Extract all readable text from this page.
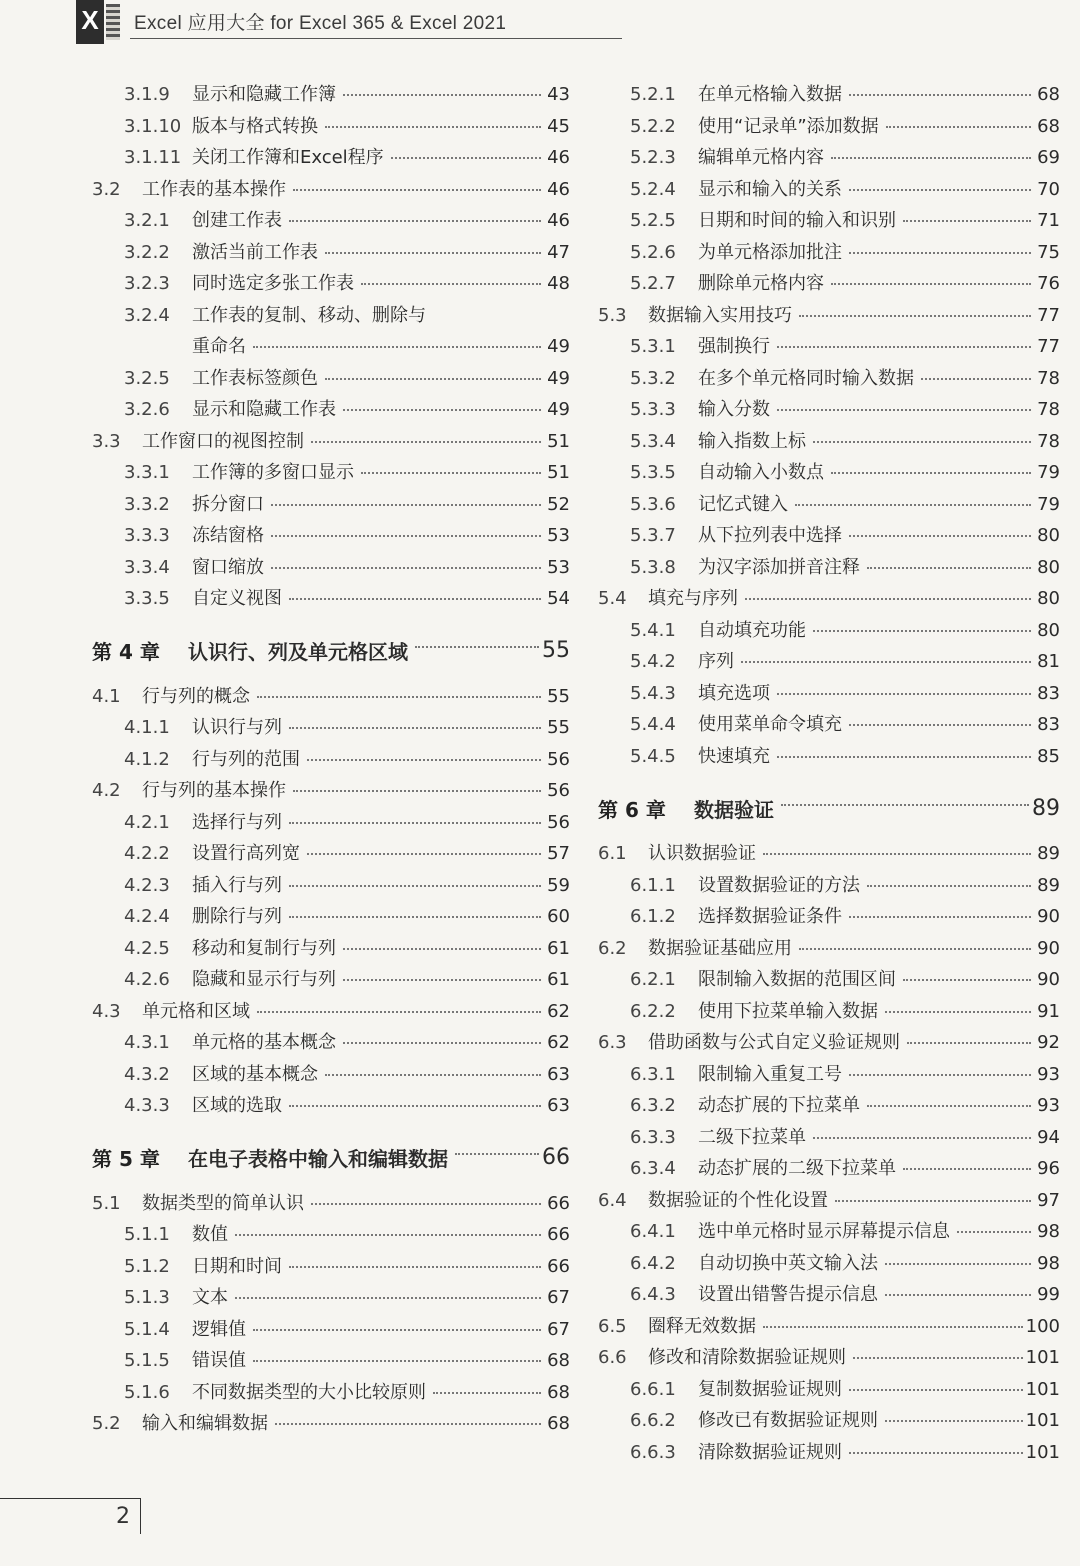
X Excel 应用大全 for Excel 365 & Excel 2021
3.1.9	显示和隐藏工作簿	43
3.1.10 版本与格式转换	45
3.1.11 关闭工作簿和Excel程序	46
3.2	工作表的基本操作	46
3.2.1	创建工作表	46
3.2.2	激活当前工作表	47
3.2.3	同时选定多张工作表	48
3.2.4	工作表的复制、移动、删除与
重命名	49
3.2.5	工作表标签颜色	49
3.2.6	显示和隐藏工作表	49
3.3	工作窗口的视图控制	51
3.3.1	工作簿的多窗口显示	51
3.3.2	拆分窗口	52
3.3.3	冻结窗格	53
3.3.4	窗口缩放	53
3.3.5	自定义视图	54
第 4 章	认识行、列及单元格区域	55
4.1	行与列的概念	55
4.1.1	认识行与列	55
4.1.2	行与列的范围	56
4.2	行与列的基本操作	56
4.2.1	选择行与列	56
4.2.2	设置行高列宽	57
4.2.3	插入行与列	59
4.2.4	删除行与列	60
4.2.5	移动和复制行与列	61
4.2.6	隐藏和显示行与列	61
4.3	单元格和区域	62
4.3.1	单元格的基本概念	62
4.3.2	区域的基本概念	63
4.3.3	区域的选取	63
第 5 章	在电子表格中输入和编辑数据	66
5.1	数据类型的简单认识	66
5.1.1	数值	66
5.1.2	日期和时间	66
5.1.3	文本	67
5.1.4	逻辑值	67
5.1.5	错误值	68
5.1.6	不同数据类型的大小比较原则	68
5.2	输入和编辑数据	68
5.2.1	在单元格输入数据	68
5.2.2	使用“记录单”添加数据	68
5.2.3	编辑单元格内容	69
5.2.4	显示和输入的关系	70
5.2.5	日期和时间的输入和识别	71
5.2.6	为单元格添加批注	75
5.2.7	删除单元格内容	76
5.3	数据输入实用技巧	77
5.3.1	强制换行	77
5.3.2	在多个单元格同时输入数据	78
5.3.3	输入分数	78
5.3.4	输入指数上标	78
5.3.5	自动输入小数点	79
5.3.6	记忆式键入	79
5.3.7	从下拉列表中选择	80
5.3.8	为汉字添加拼音注释	80
5.4	填充与序列	80
5.4.1	自动填充功能	80
5.4.2	序列	81
5.4.3	填充选项	83
5.4.4	使用菜单命令填充	83
5.4.5	快速填充	85
第 6 章	数据验证	89
6.1	认识数据验证	89
6.1.1	设置数据验证的方法	89
6.1.2	选择数据验证条件	90
6.2	数据验证基础应用	90
6.2.1	限制输入数据的范围区间	90
6.2.2	使用下拉菜单输入数据	91
6.3	借助函数与公式自定义验证规则	92
6.3.1	限制输入重复工号	93
6.3.2	动态扩展的下拉菜单	93
6.3.3	二级下拉菜单	94
6.3.4	动态扩展的二级下拉菜单	96
6.4	数据验证的个性化设置	97
6.4.1	选中单元格时显示屏幕提示信息	98
6.4.2	自动切换中英文输入法	98
6.4.3	设置出错警告提示信息	99
6.5	圈释无效数据	100
6.6	修改和清除数据验证规则	101
6.6.1	复制数据验证规则	101
6.6.2	修改已有数据验证规则	101
6.6.3	清除数据验证规则	101
2
